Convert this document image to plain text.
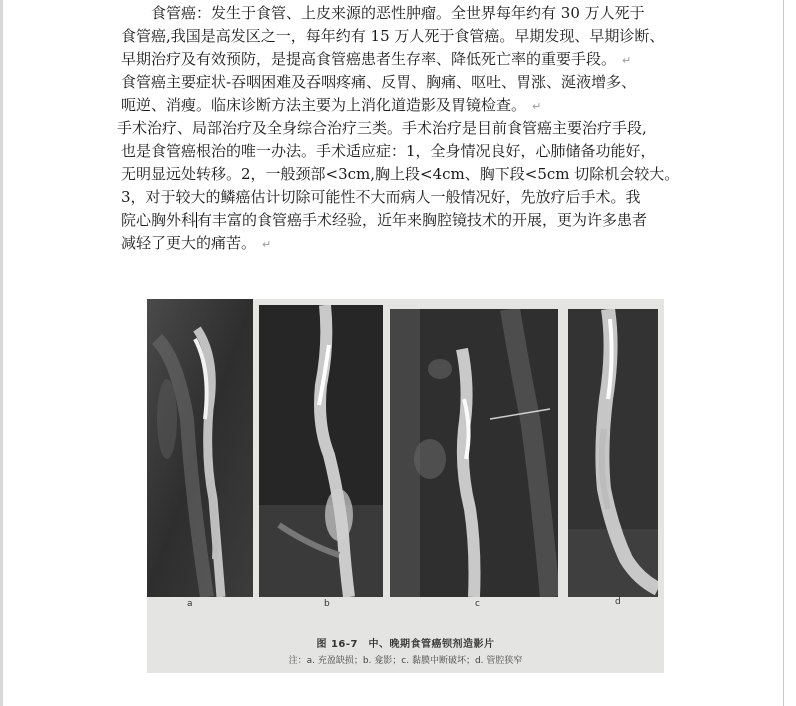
食管癌：发生于食管、上皮来源的恶性肿瘤。全世界每年约有 30 万人死于
食管癌,我国是高发区之一，每年约有 15 万人死于食管癌。早期发现、早期诊断、
早期治疗及有效预防，是提高食管癌患者生存率、降低死亡率的重要手段。 ↵
食管癌主要症状-吞咽困难及吞咽疼痛、反胃、胸痛、呕吐、胃涨、涎液增多、
呃逆、消瘦。临床诊断方法主要为上消化道造影及胃镜检查。 ↵
手术治疗、局部治疗及全身综合治疗三类。手术治疗是目前食管癌主要治疗手段,
也是食管癌根治的唯一办法。手术适应症：1，全身情况良好，心肺储备功能好，
无明显远处转移。2，一般颈部<3cm,胸上段<4cm、胸下段<5cm 切除机会较大。
3，对于较大的鳞癌估计切除可能性不大而病人一般情况好，先放疗后手术。我
院心胸外科有丰富的食管癌手术经验，近年来胸腔镜技术的开展，更为许多患者
减轻了更大的痛苦。 ↵
a	b	c	d
图 16-7　中、晚期食管癌钡剂造影片
注：a. 充盈缺损；b. 龛影；c. 黏膜中断破坏；d. 管腔狭窄
